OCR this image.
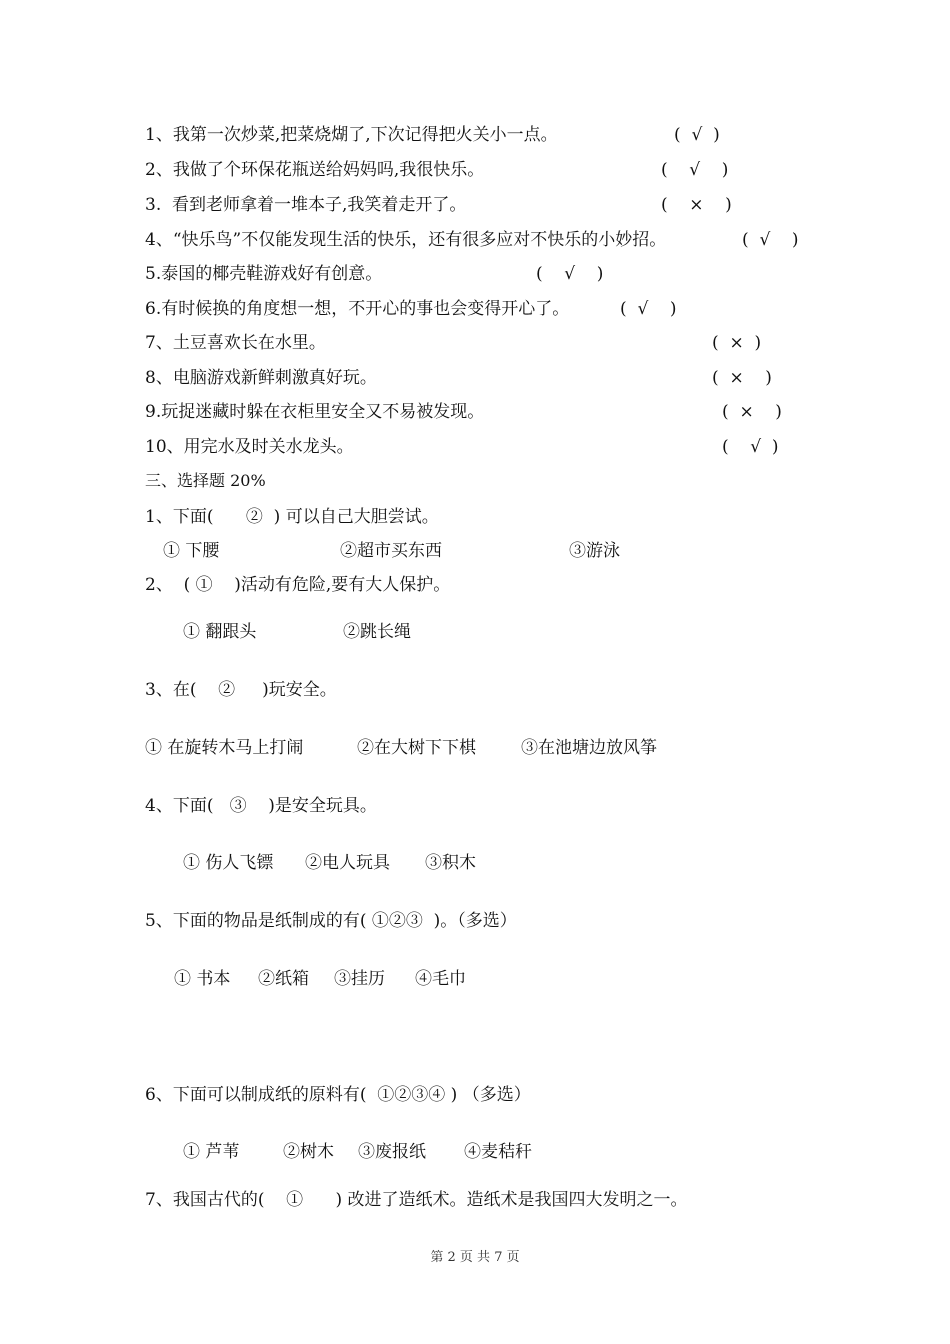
1、我第一次炒菜,把菜烧煳了,下次记得把火关小一点。	(  √  )
2、我做了个环保花瓶送给妈妈吗,我很快乐。	(    √    )
3.  看到老师拿着一堆本子,我笑着走开了。	(    ×    )
4、“快乐鸟”不仅能发现生活的快乐，还有很多应对不快乐的小妙招。	(  √    )
5.泰国的椰壳鞋游戏好有创意。	(    √    )
6.有时候换的角度想一想，不开心的事也会变得开心了。	(  √    )
7、土豆喜欢长在水里。	(  ×  )
8、电脑游戏新鲜刺激真好玩。	(  ×    )
9.玩捉迷藏时躲在衣柜里安全又不易被发现。	(  ×    )
10、用完水及时关水龙头。	(    √  )
三、选择题 20%
1、下面(      ②  ) 可以自己大胆尝试。
① 下腰	②超市买东西	③游泳
2、  ( ①    )活动有危险,要有大人保护。
① 翻跟头	②跳长绳
3、在(    ②     )玩安全。
① 在旋转木马上打闹	②在大树下下棋	③在池塘边放风筝
4、下面(   ③    )是安全玩具。
① 伤人飞镖 ②电人玩具 ③积木
5、下面的物品是纸制成的有( ①②③  )。（多选）
① 书本 ②纸箱 ③挂历 ④毛巾
6、下面可以制成纸的原料有(  ①②③④ ) （多选）
① 芦苇	②树木 ③废报纸 ④麦秸秆
7、我国古代的(    ①      ) 改进了造纸术。造纸术是我国四大发明之一。
第 2 页 共 7 页
